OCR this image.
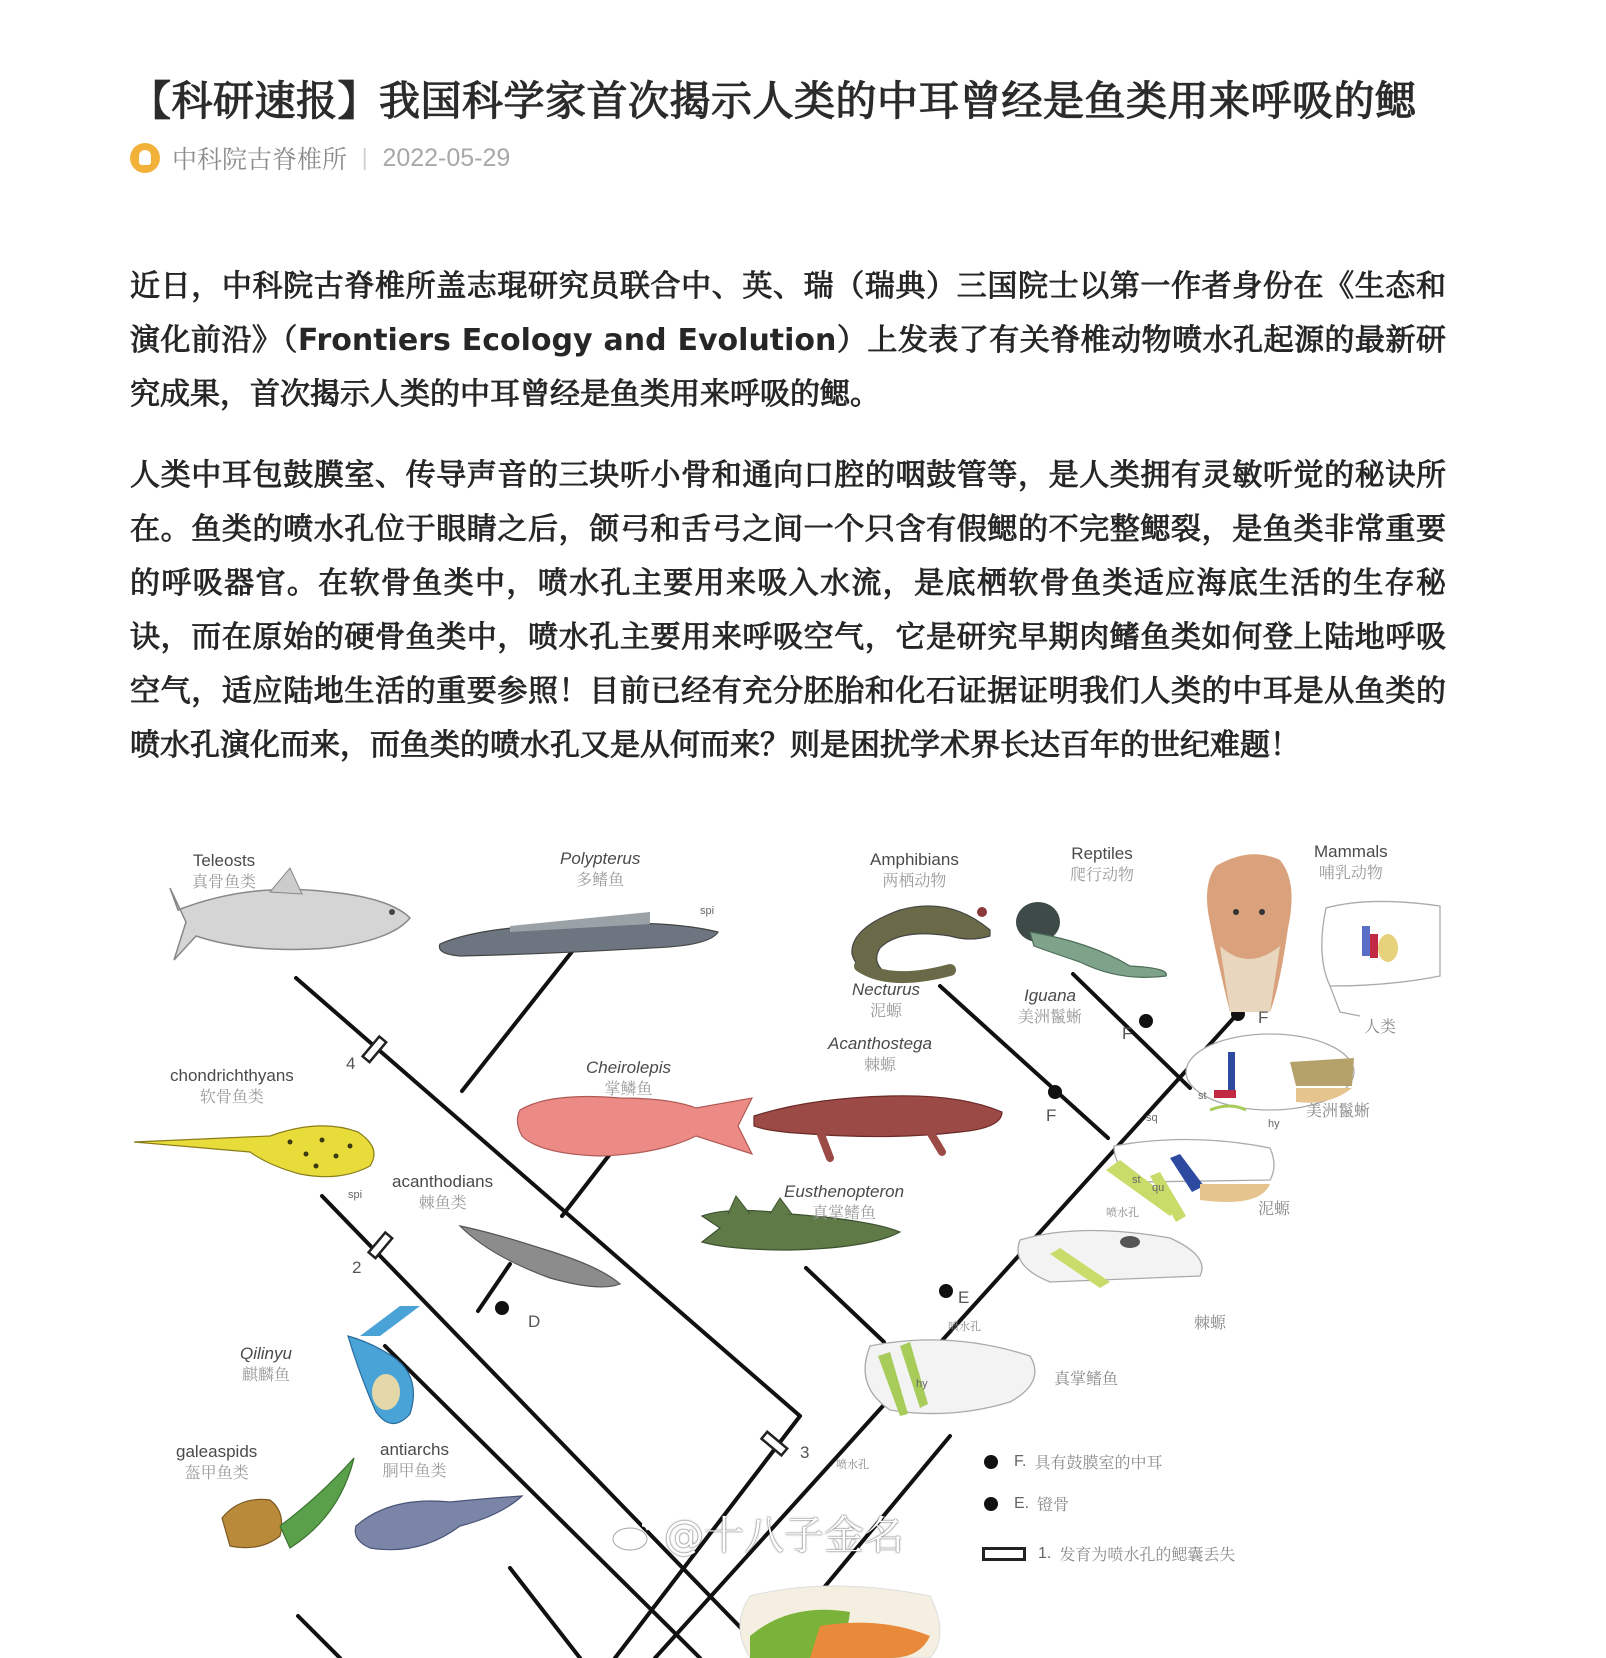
【科研速报】我国科学家首次揭示人类的中耳曾经是鱼类用来呼吸的鳃
中科院古脊椎所 | 2022-05-29

近日，中科院古脊椎所盖志琨研究员联合中、英、瑞（瑞典）三国院士以第一作者身份在《生态和演化前沿》（Frontiers Ecology and Evolution）上发表了有关脊椎动物喷水孔起源的最新研究成果，首次揭示人类的中耳曾经是鱼类用来呼吸的鳃。

人类中耳包鼓膜室、传导声音的三块听小骨和通向口腔的咽鼓管等，是人类拥有灵敏听觉的秘诀所在。鱼类的喷水孔位于眼睛之后，颌弓和舌弓之间一个只含有假鳃的不完整鳃裂，是鱼类非常重要的呼吸器官。在软骨鱼类中，喷水孔主要用来吸入水流，是底栖软骨鱼类适应海底生活的生存秘诀，而在原始的硬骨鱼类中，喷水孔主要用来呼吸空气，它是研究早期肉鳍鱼类如何登上陆地呼吸空气，适应陆地生活的重要参照！目前已经有充分胚胎和化石证据证明我们人类的中耳是从鱼类的喷水孔演化而来，而鱼类的喷水孔又是从何而来？则是困扰学术界长达百年的世纪难题！

spi
spi
Teleosts
真骨鱼类
Polypterus
多鳍鱼
Amphibians
两栖动物
Reptiles
爬行动物
Mammals
哺乳动物
Necturus
泥螈
Iguana
美洲鬣蜥
Acanthostega
棘螈
chondrichthyans
软骨鱼类
Cheirolepis
掌鳞鱼
acanthodians
棘鱼类
Eusthenopteron
真掌鳍鱼
Qilinyu
麒麟鱼
galeaspids
盔甲鱼类
antiarchs
胴甲鱼类
4
2
3
D
E
F
F
F	人类
美洲鬣蜥
泥螈
棘螈
真掌鳍鱼
喷水孔
喷水孔
喷水孔
sq
st
st
qu
hy
hy
F. 具有鼓膜室的中耳
E. 镫骨
1. 发育为喷水孔的鳃囊丢失
@十八子金名
